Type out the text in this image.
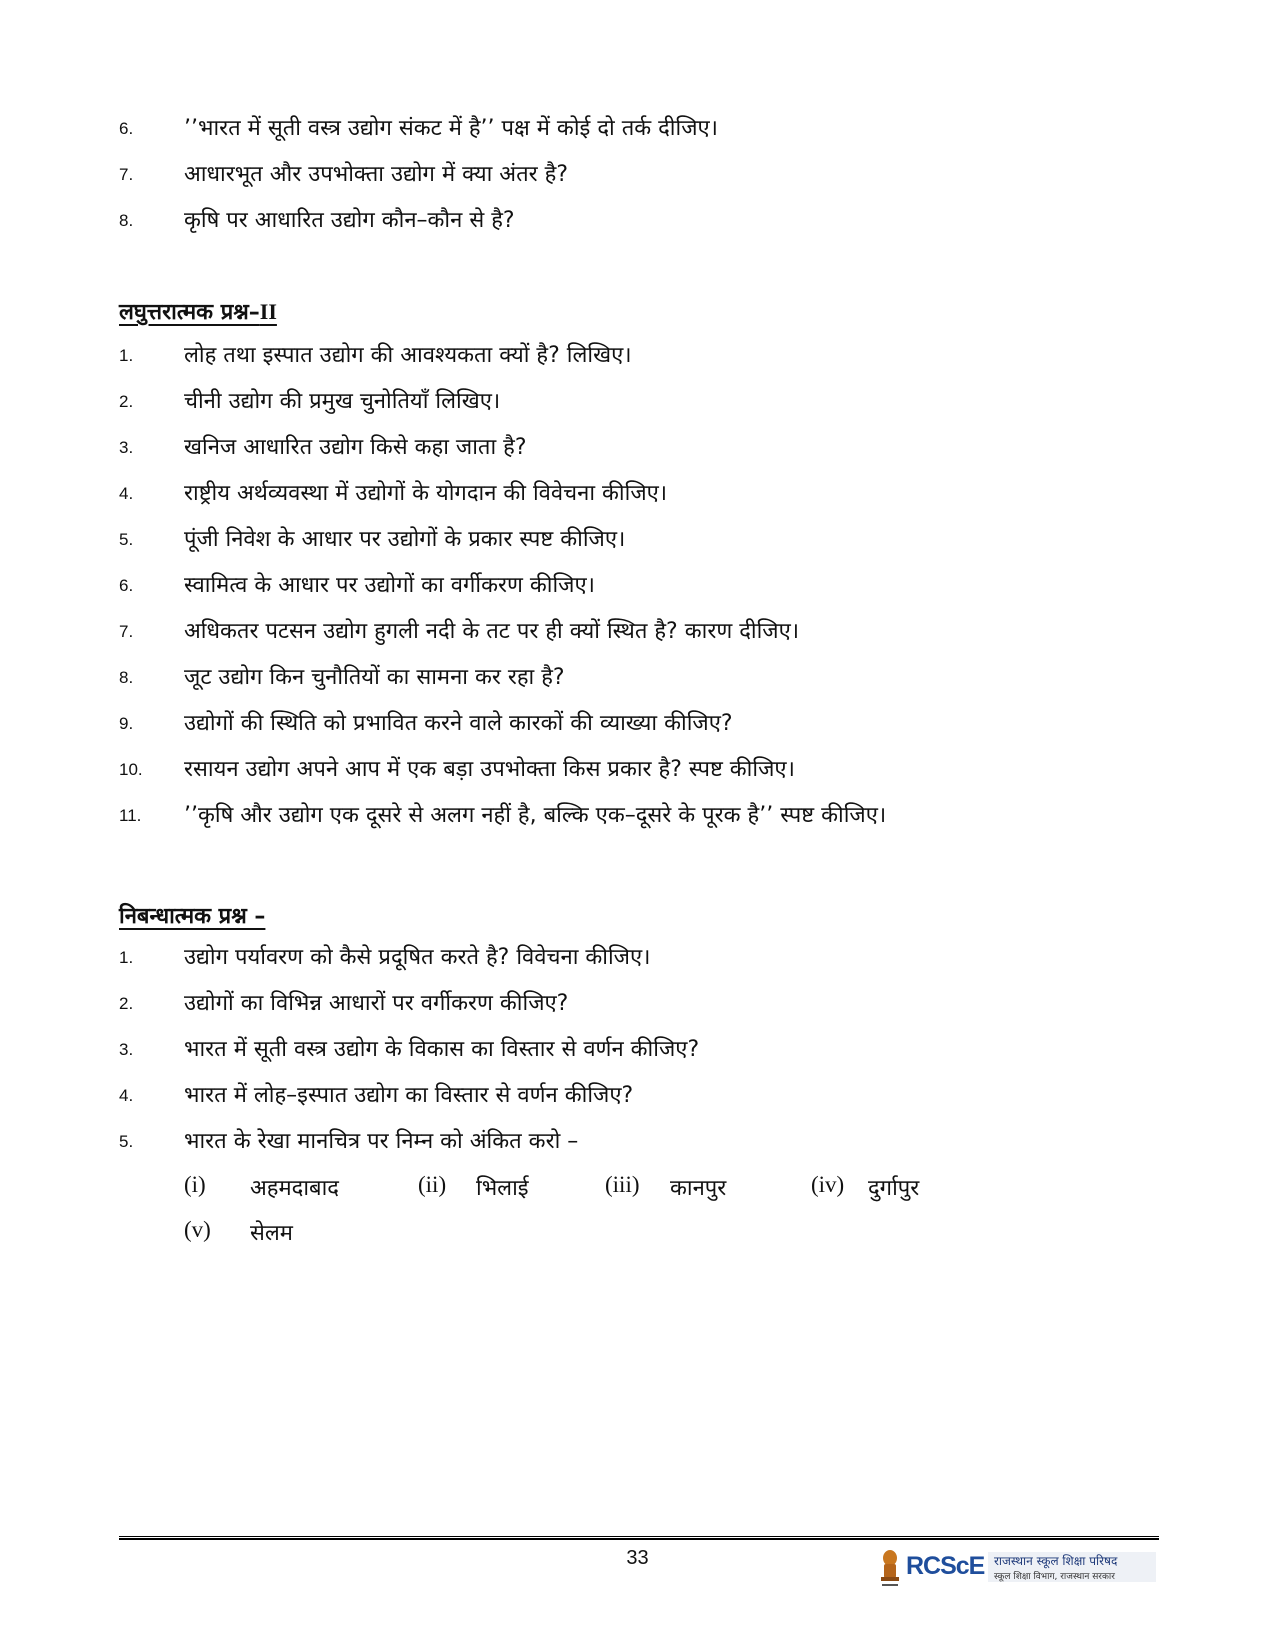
6. ’’भारत में सूती वस्त्र उद्योग संकट में है’’ पक्ष में कोई दो तर्क दीजिए।
7. आधारभूत और उपभोक्ता उद्योग में क्या अंतर है?
8. कृषि पर आधारित उद्योग कौन–कौन से है?
लघुत्तरात्मक प्रश्न–II
1. लोह तथा इस्पात उद्योग की आवश्यकता क्यों है? लिखिए।
2. चीनी उद्योग की प्रमुख चुनोतियाँ लिखिए।
3. खनिज आधारित उद्योग किसे कहा जाता है?
4. राष्ट्रीय अर्थव्यवस्था में उद्योगों के योगदान की विवेचना कीजिए।
5. पूंजी निवेश के आधार पर उद्योगों के प्रकार स्पष्ट कीजिए।
6. स्वामित्व के आधार पर उद्योगों का वर्गीकरण कीजिए।
7. अधिकतर पटसन उद्योग हुगली नदी के तट पर ही क्यों स्थित है? कारण दीजिए।
8. जूट उद्योग किन चुनौतियों का सामना कर रहा है?
9. उद्योगों की स्थिति को प्रभावित करने वाले कारकों की व्याख्या कीजिए?
10. रसायन उद्योग अपने आप में एक बड़ा उपभोक्ता किस प्रकार है? स्पष्ट कीजिए।
11. ’’कृषि और उद्योग एक दूसरे से अलग नहीं है, बल्कि एक–दूसरे के पूरक है’’ स्पष्ट कीजिए।
निबन्धात्मक प्रश्न –
1. उद्योग पर्यावरण को कैसे प्रदूषित करते है? विवेचना कीजिए।
2. उद्योगों का विभिन्न आधारों पर वर्गीकरण कीजिए?
3. भारत में सूती वस्त्र उद्योग के विकास का विस्तार से वर्णन कीजिए?
4. भारत में लोह–इस्पात उद्योग का विस्तार से वर्णन कीजिए?
5. भारत के रेखा मानचित्र पर निम्न को अंकित करो –
(i) अहमदाबाद	(ii) भिलाई	(iii) कानपुर	(iv) दुर्गापुर
(v) सेलम
33	RCScE राजस्थान स्कूल शिक्षा परिषद
स्कूल शिक्षा विभाग, राजस्थान सरकार
